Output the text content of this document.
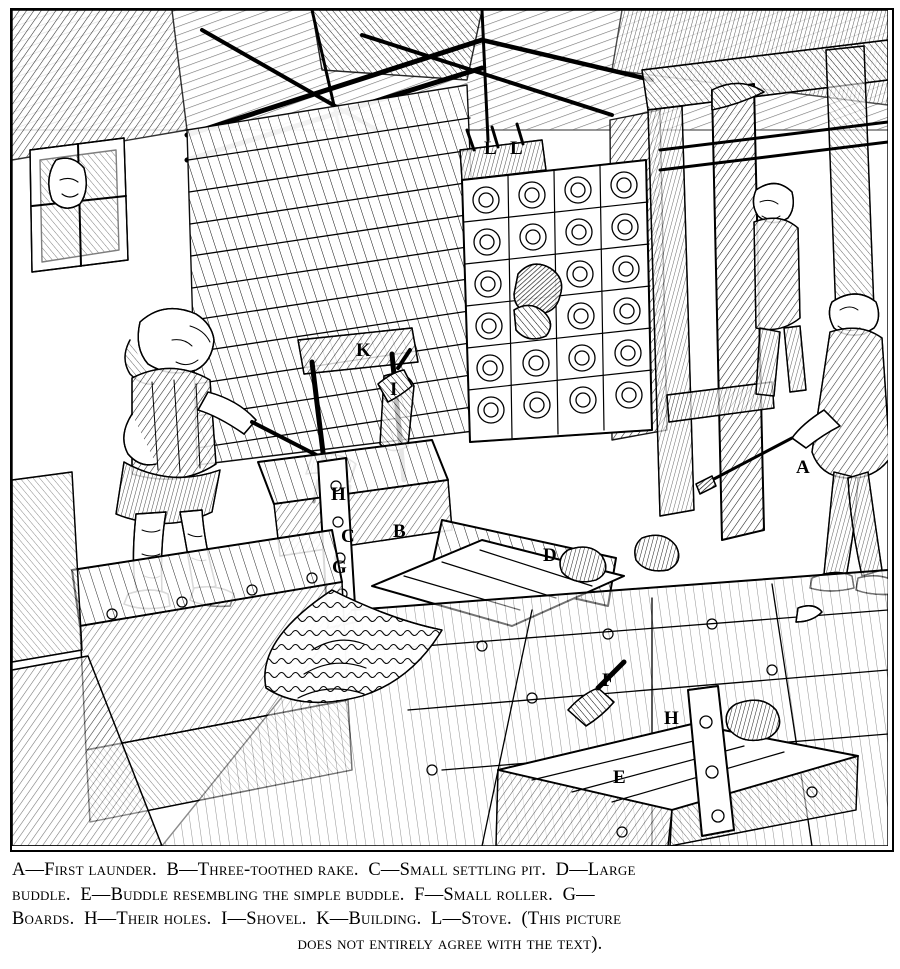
A
B
C
D
E
F
G
H
H
I
K
L L
A—First launder.  B—Three-toothed rake.  C—Small settling pit.  D—Large
buddle.  E—Buddle resembling the simple buddle.  F—Small roller.  G—
Boards.  H—Their holes.  I—Shovel.  K—Building.  L—Stove.  (This picture
does not entirely agree with the text).
